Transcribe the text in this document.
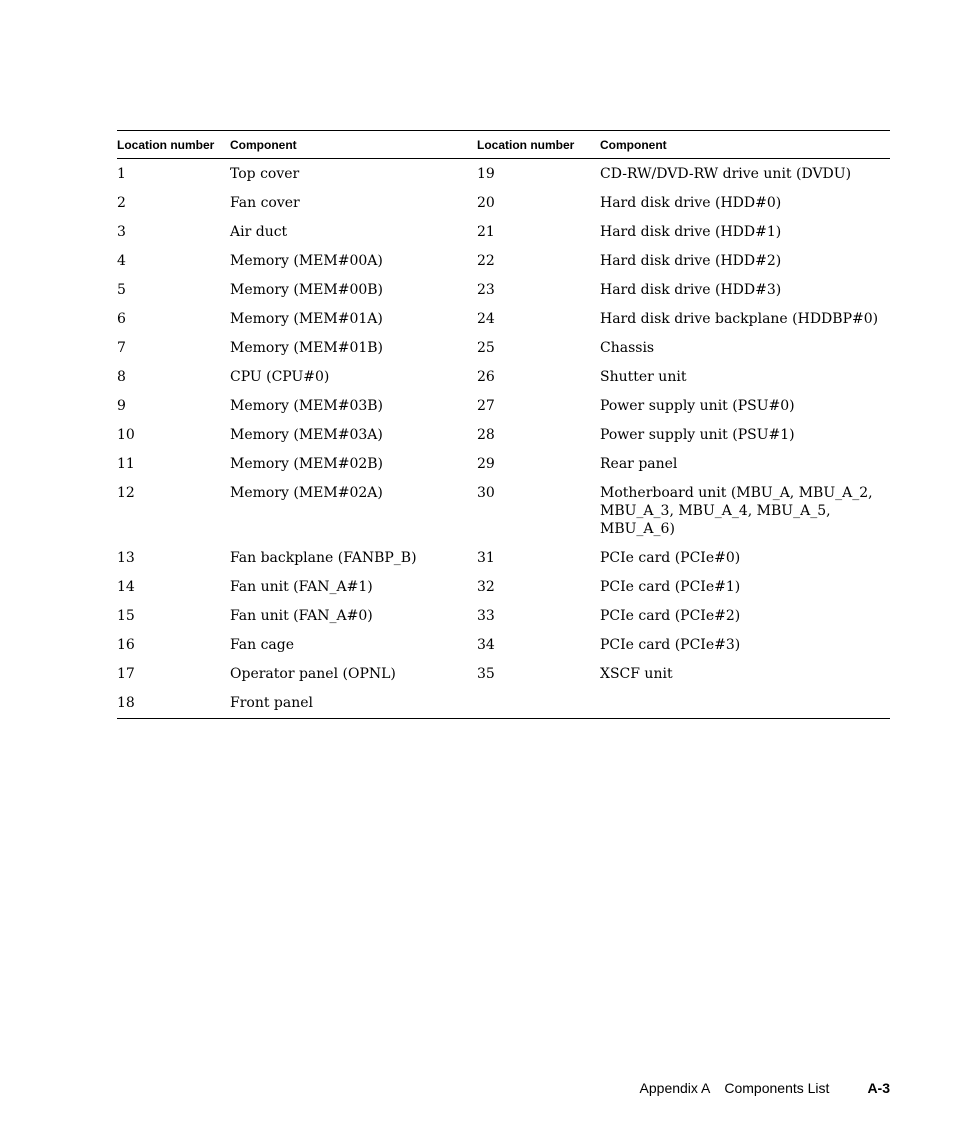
Location number	Component	Location number	Component
1	Top cover	19	CD-RW/DVD-RW drive unit (DVDU)
2	Fan cover	20	Hard disk drive (HDD#0)
3	Air duct	21	Hard disk drive (HDD#1)
4	Memory (MEM#00A)	22	Hard disk drive (HDD#2)
5	Memory (MEM#00B)	23	Hard disk drive (HDD#3)
6	Memory (MEM#01A)	24	Hard disk drive backplane (HDDBP#0)
7	Memory (MEM#01B)	25	Chassis
8	CPU (CPU#0)	26	Shutter unit
9	Memory (MEM#03B)	27	Power supply unit (PSU#0)
10	Memory (MEM#03A)	28	Power supply unit (PSU#1)
11	Memory (MEM#02B)	29	Rear panel
12	Memory (MEM#02A)	30	Motherboard unit (MBU_A, MBU_A_2, MBU_A_3, MBU_A_4, MBU_A_5, MBU_A_6)
13	Fan backplane (FANBP_B)	31	PCIe card (PCIe#0)
14	Fan unit (FAN_A#1)	32	PCIe card (PCIe#1)
15	Fan unit (FAN_A#0)	33	PCIe card (PCIe#2)
16	Fan cage	34	PCIe card (PCIe#3)
17	Operator panel (OPNL)	35	XSCF unit
18	Front panel		
Appendix A Components List	A-3
